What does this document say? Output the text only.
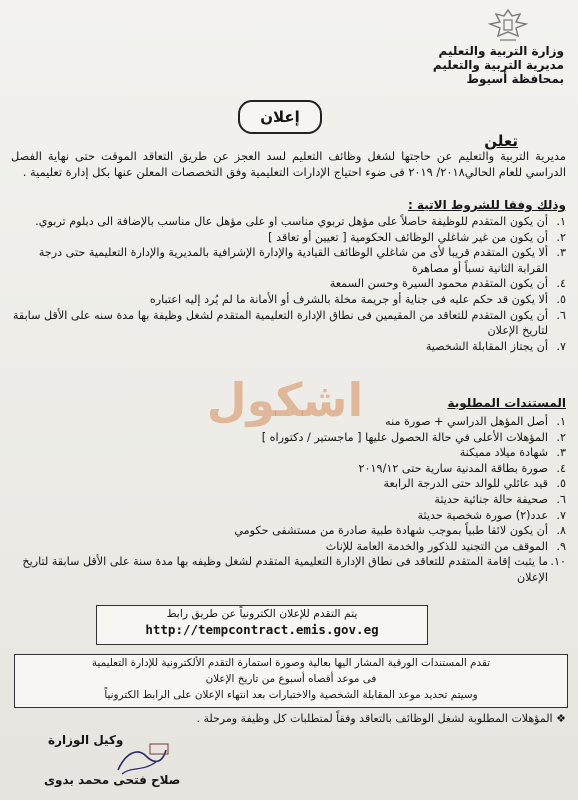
وزارة التربية والتعليم
مديرية التربية والتعليم
بمحافظة أسيوط
إعلان
تعلن
مديرية التربية والتعليم عن حاجتها لشغل وظائف التعليم لسد العجز عن طريق التعاقد الموقت حتى نهاية الفصل الدراسي للعام الحالي٢٠١٨/ ٢٠١٩ فى ضوء احتياج الإدارات التعليمية وفق التخصصات المعلن عنها بكل إدارة تعليمية .
وذلك وفقا للشروط الاتية :
١.
أن يكون المتقدم للوظيفة حاصلاً على مؤهل تربوي مناسب او على مؤهل عال مناسب بالإضافة الى دبلوم تربوي.
٢.
أن يكون من غير شاغلي الوظائف الحكومية [ تعيين أو تعاقد ]
٣.
ألا يكون المتقدم قريبا لأى من شاغلي الوظائف القيادية والإدارة الإشرافية بالمديرية والإدارة التعليمية حتى درجة القرابة الثانية نسباً أو مصاهرة
٤.
أن يكون المتقدم محمود السيرة وحسن السمعة
٥.
ألا يكون قد حكم عليه فى جناية أو جريمة مخلة بالشرف أو الأمانة ما لم يُرد إليه اعتباره
٦.
أن يكون المتقدم للتعاقد من المقيمين فى نطاق الإدارة التعليمية المتقدم لشغل وظيفة بها مدة سنه على الأقل سابقة لتاريخ الإعلان
٧.
أن يجتاز المقابلة الشخصية
اشكول	المستندات المطلوبة
١.
أصل المؤهل الدراسي + صورة منه
٢.
المؤهلات الأعلى في حالة الحصول عليها [ ماجستير / دكتوراه ]
٣.
شهادة ميلاد مميكنة
٤.
صورة بطاقة المدنية سارية حتى ٢٠١٩/١٢
٥.
قيد عائلي للوالد حتى الدرجة الرابعة
٦.
صحيفة حالة جنائية حديثة
٧.
عدد(٢) صورة شخصية حديثة
٨.
أن يكون لائقا طبياً بموجب شهادة طبية صادرة من مستشفى حكومي
٩.
الموقف من التجنيد للذكور والخدمة العامة للإناث
١٠.
ما يثبت إقامة المتقدم للتعاقد فى نطاق الإدارة التعليمية المتقدم لشغل وظيفه بها مدة سنة على الأقل سابقة لتاريخ الإعلان
يتم التقدم للإعلان الكترونياً عن طريق رابط
http://tempcontract.emis.gov.eg
تقدم المستندات الورقية المشار اليها بعالية وصورة استمارة التقدم الألكترونية للإدارة التعليمية
فى موعد أقصاه أسبوع من تاريخ الإعلان
وسيتم تحديد موعد المقابلة الشخصية والاختبارات بعد انتهاء الإعلان على الرابط الكترونياً
❖ المؤهلات المطلوبة لشغل الوظائف بالتعاقد وفقاً لمتطلبات كل وظيفة ومرحلة .
وكيل الوزارة
صلاح فتحى محمد بدوى
